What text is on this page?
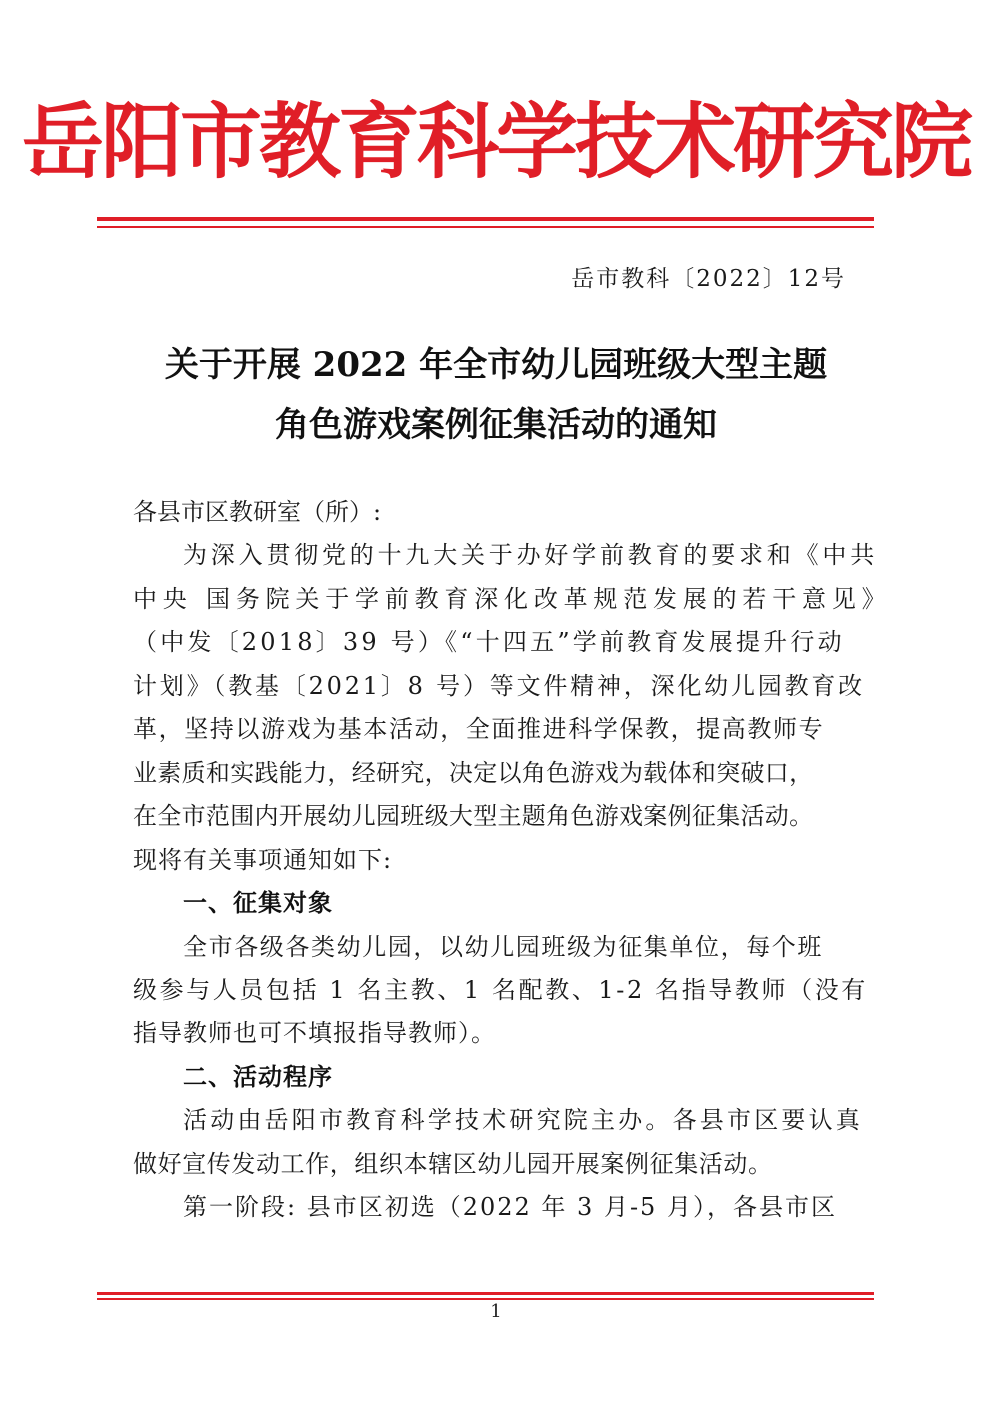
岳阳市教育科学技术研究院
岳市教科〔2022〕12号
关于开展 2022 年全市幼儿园班级大型主题
角色游戏案例征集活动的通知
各县市区教研室（所）:
为深入贯彻党的十九大关于办好学前教育的要求和《中共
中央 国务院关于学前教育深化改革规范发展的若干意见》
（中发〔2018〕39 号）《“十四五”学前教育发展提升行动
计划》（教基〔2021〕8 号）等文件精神，深化幼儿园教育改
革，坚持以游戏为基本活动，全面推进科学保教，提高教师专
业素质和实践能力，经研究，决定以角色游戏为载体和突破口，
在全市范围内开展幼儿园班级大型主题角色游戏案例征集活动。
现将有关事项通知如下:
一、征集对象
全市各级各类幼儿园，以幼儿园班级为征集单位，每个班
级参与人员包括 1 名主教、1 名配教、1-2 名指导教师（没有
指导教师也可不填报指导教师）。
二、活动程序
活动由岳阳市教育科学技术研究院主办。各县市区要认真
做好宣传发动工作，组织本辖区幼儿园开展案例征集活动。
第一阶段: 县市区初选（2022 年 3 月-5 月），各县市区
1
